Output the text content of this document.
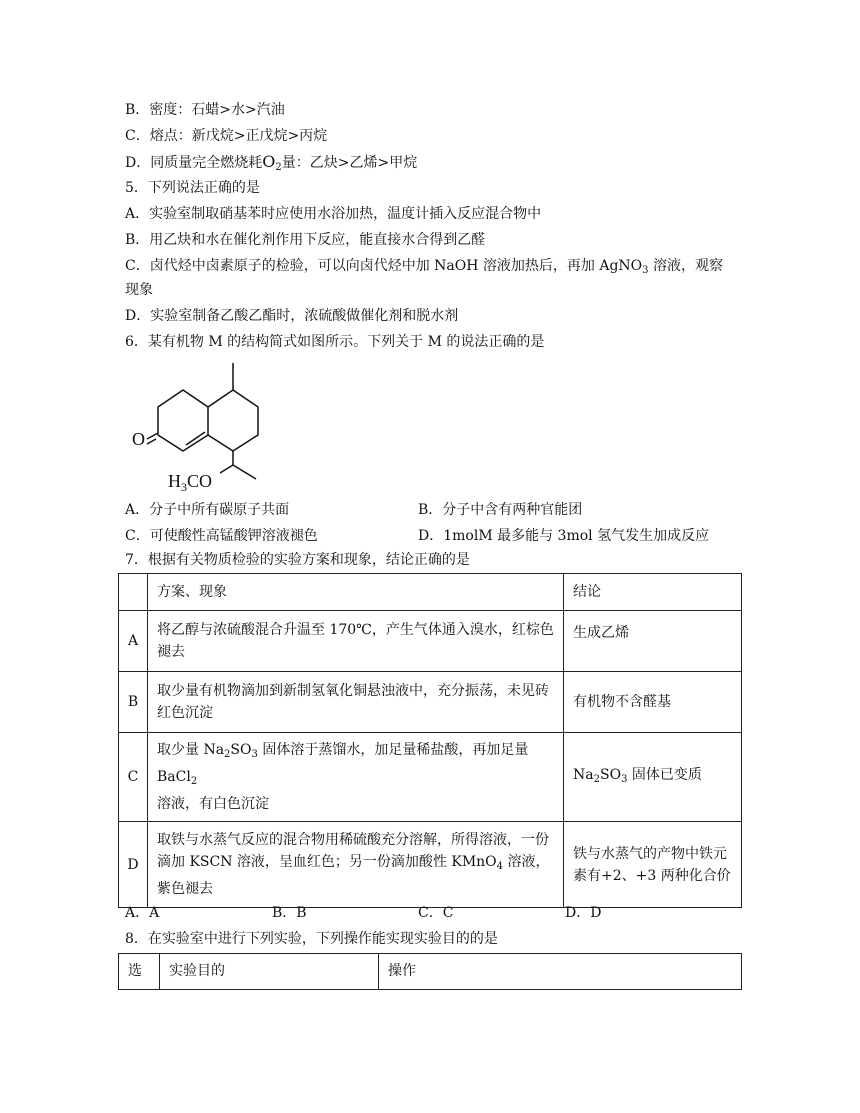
B．密度：石蜡>水>汽油
C．熔点：新戊烷>正戊烷>丙烷
D．同质量完全燃烧耗$O_2$量：乙炔>乙烯>甲烷
5．下列说法正确的是
A．实验室制取硝基苯时应使用水浴加热，温度计插入反应混合物中
B．用乙炔和水在催化剂作用下反应，能直接水合得到乙醛
C．卤代烃中卤素原子的检验，可以向卤代烃中加 NaOH 溶液加热后，再加 AgNO$_3$ 溶液，观察
现象
D．实验室制备乙酸乙酯时，浓硫酸做催化剂和脱水剂
6．某有机物 M 的结构简式如图所示。下列关于 M 的说法正确的是
O
$H_3CO$
A．分子中所有碳原子共面	B．分子中含有两种官能团
C．可使酸性高锰酸钾溶液褪色	D．1molM 最多能与 3mol 氢气发生加成反应
7．根据有关物质检验的实验方案和现象，结论正确的是
	方案、现象	结论
A	将乙醇与浓硫酸混合升温至 170℃，产生气体通入溴水，红棕色褪去	生成乙烯
B	取少量有机物滴加到新制氢氧化铜悬浊液中，充分振荡，未见砖红色沉淀	有机物不含醛基
C	取少量 $Na_2SO_3$ 固体溶于蒸馏水，加足量稀盐酸，再加足量 BaCl$_2$
溶液，有白色沉淀	$Na_2SO_3$ 固体已变质
D	取铁与水蒸气反应的混合物用稀硫酸充分溶解，所得溶液，一份滴加 KSCN 溶液，呈血红色；另一份滴加酸性 KMnO$_4$ 溶液，紫色褪去	铁与水蒸气的产物中铁元素有+2、+3 两种化合价
A．A	B．B	C．C	D．D
8．在实验室中进行下列实验，下列操作能实现实验目的的是
选	实验目的	操作
